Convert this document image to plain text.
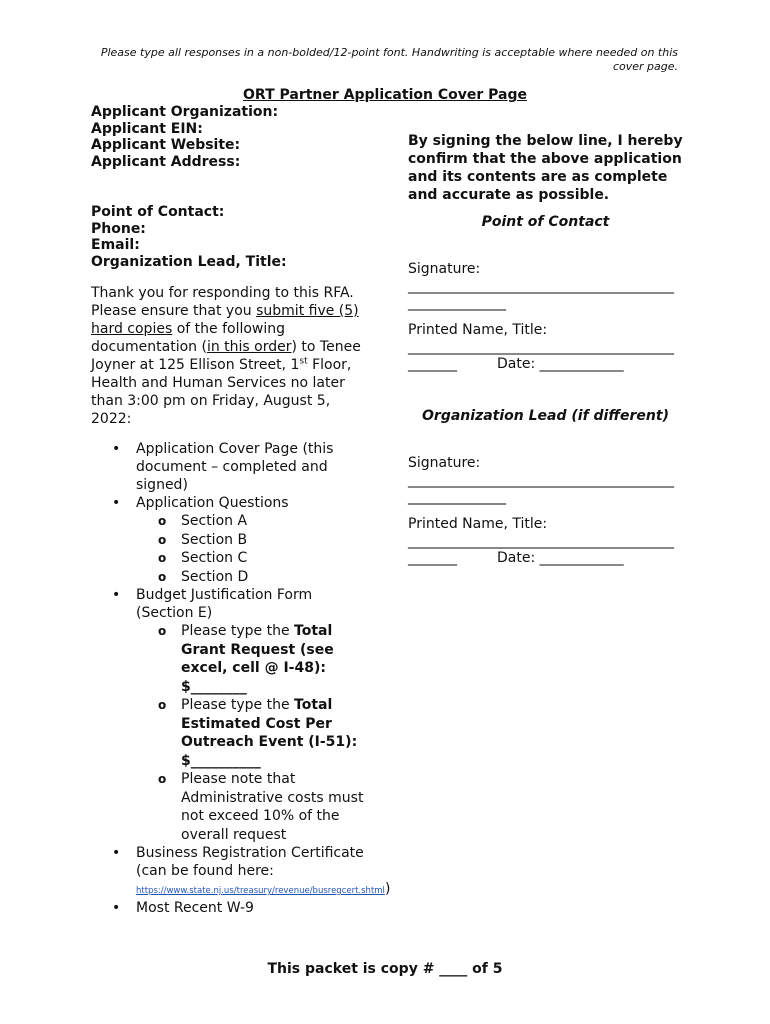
Please type all responses in a non-bolded/12-point font. Handwriting is acceptable where needed on this cover page.
ORT Partner Application Cover Page
Applicant Organization:
Applicant EIN:
Applicant Website:
Applicant Address:
Point of Contact:
Phone:
Email:
Organization Lead, Title:
Thank you for responding to this RFA. Please ensure that you submit five (5) hard copies of the following documentation (in this order) to Tenee Joyner at 125 Ellison Street, 1st Floor, Health and Human Services no later than 3:00 pm on Friday, August 5, 2022:
• Application Cover Page (this document – completed and signed)
• Application Questions
o Section A
o Section B
o Section C
o Section D
• Budget Justification Form (Section E)
o Please type the Total Grant Request (see excel, cell @ I-48): $________
o Please type the Total Estimated Cost Per Outreach Event (I-51): $__________
o Please note that Administrative costs must not exceed 10% of the overall request
• Business Registration Certificate (can be found here:
https://www.state.nj.us/treasury/revenue/busregcert.shtml)
• Most Recent W-9
By signing the below line, I hereby confirm that the above application and its contents are as complete and accurate as possible.
Point of Contact
Signature:
______________________________________ ______________
Printed Name, Title:
______________________________________ _______	Date: ____________
Organization Lead (if different)
Signature:
______________________________________ ______________
Printed Name, Title:
______________________________________ _______	Date: ____________
This packet is copy # ____ of 5
